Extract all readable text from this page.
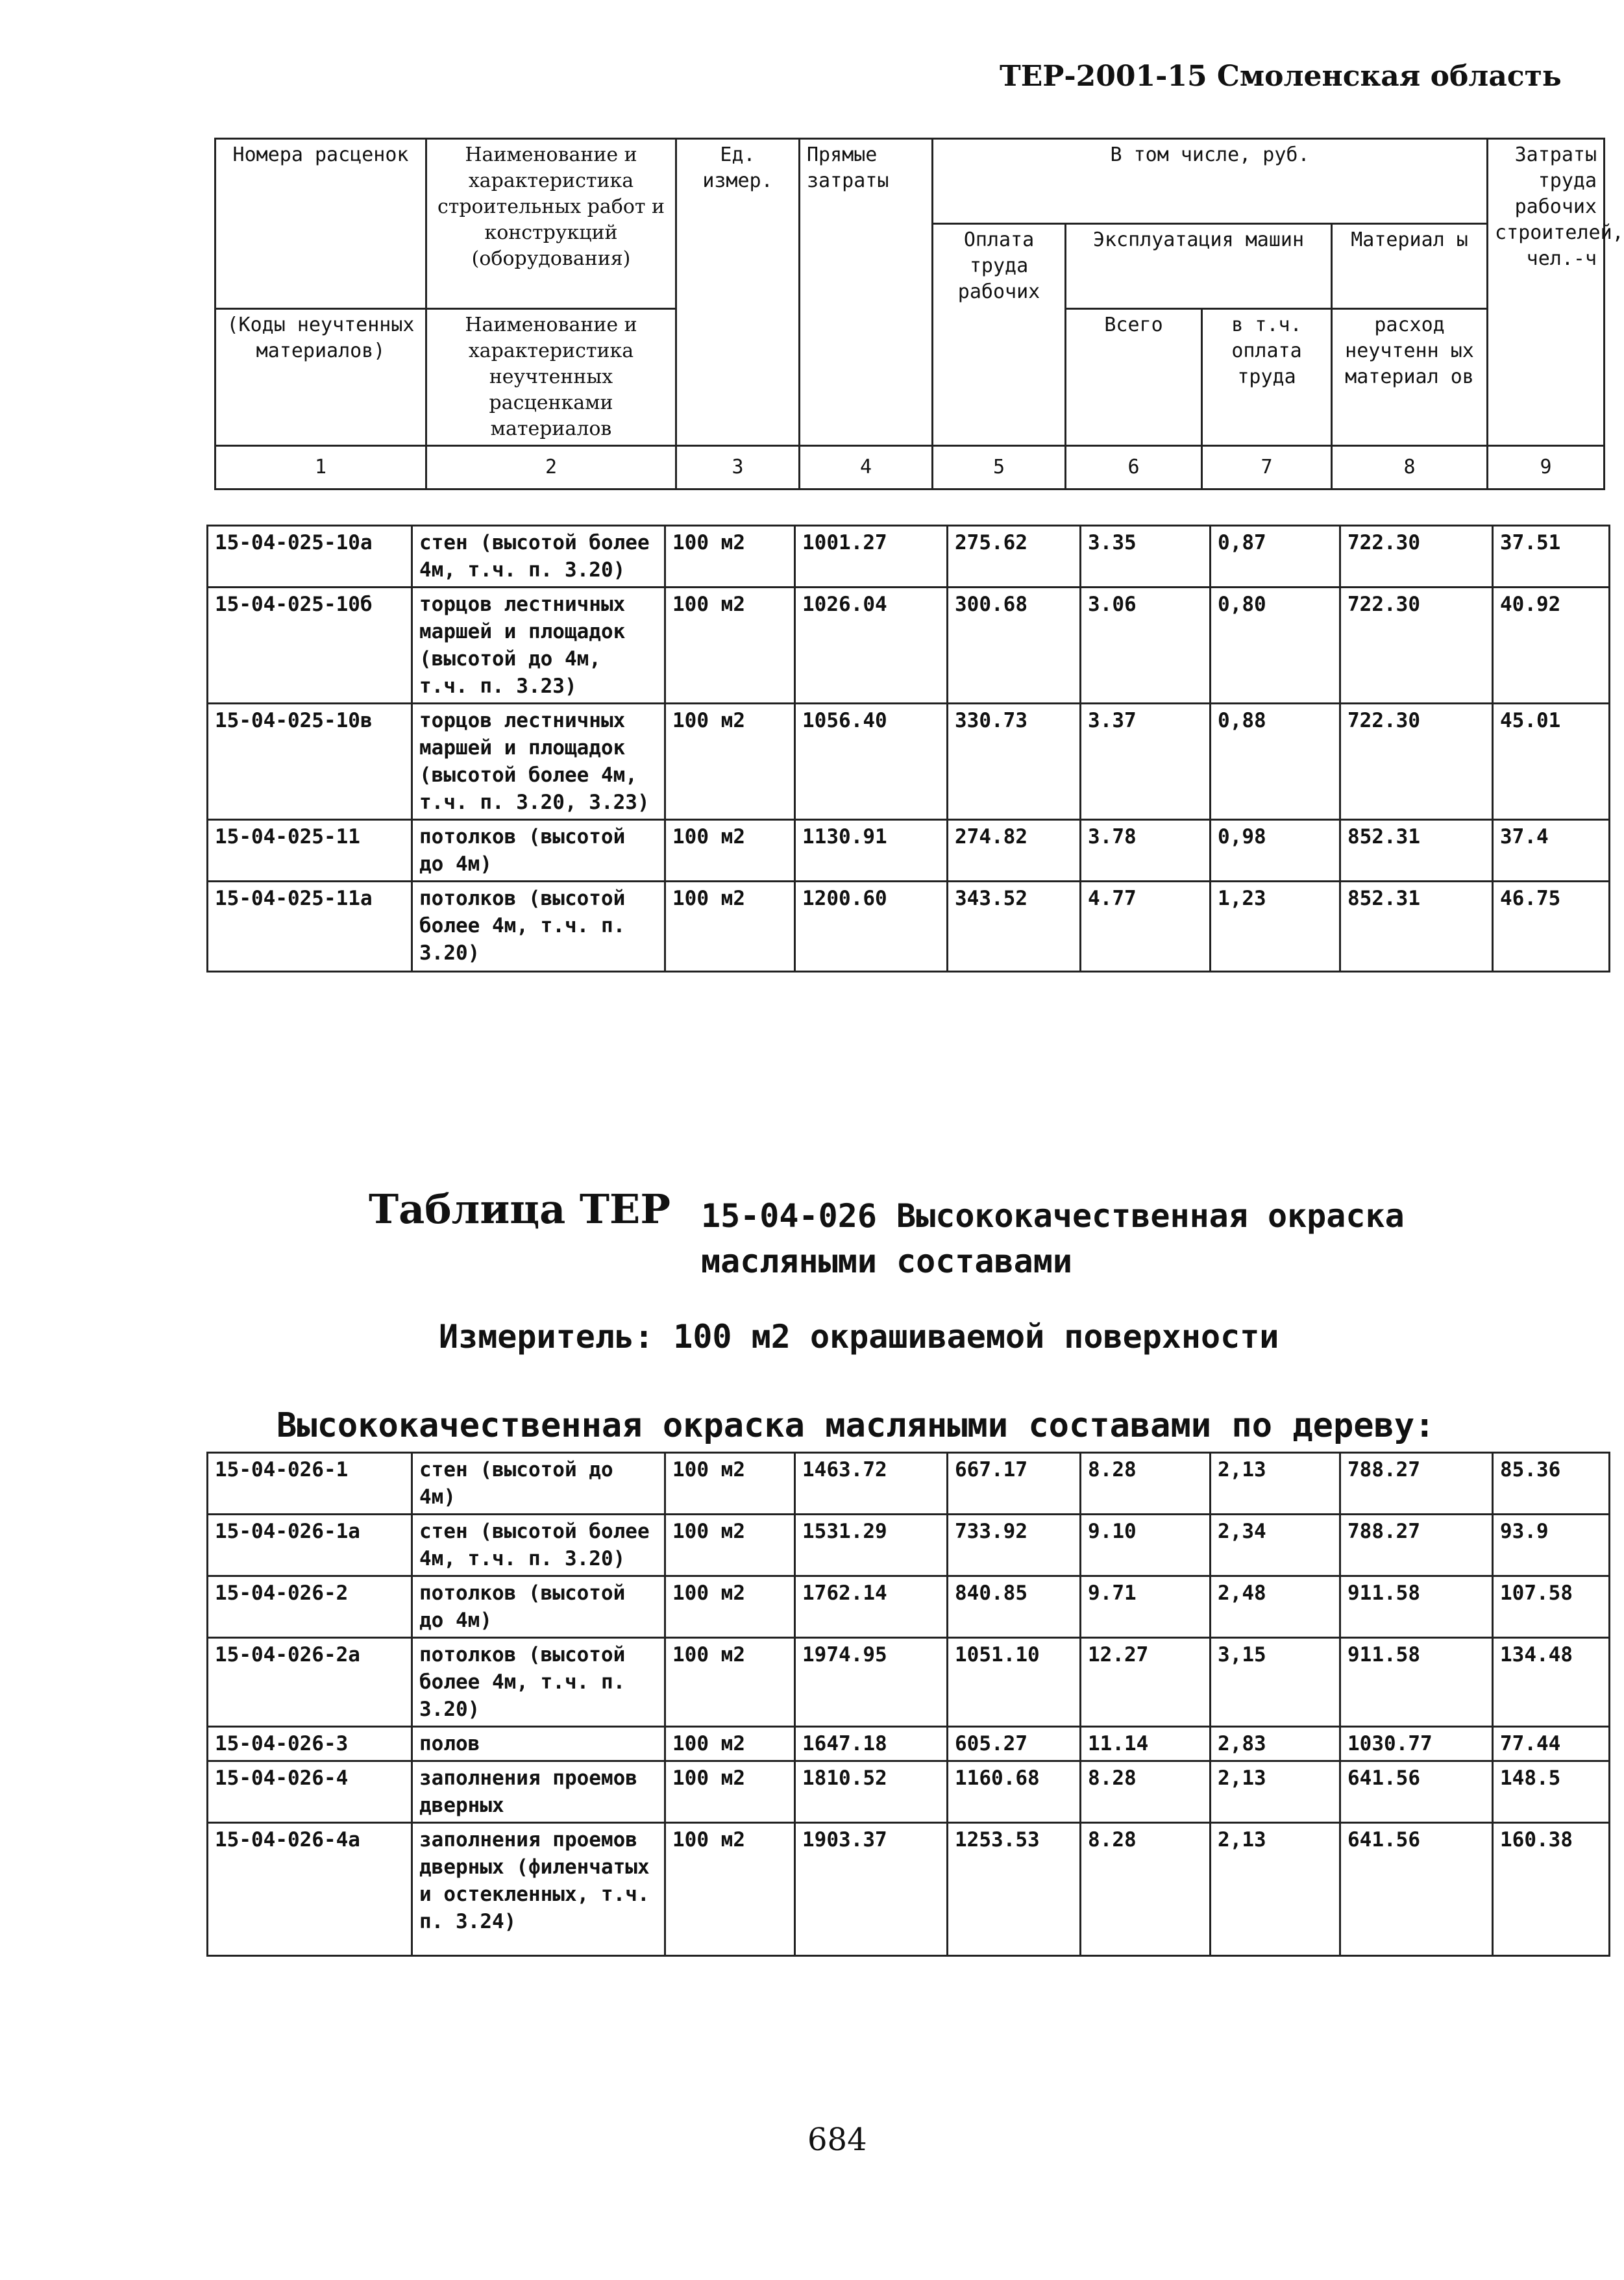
ТЕР-2001-15 Смоленская область
Номера расценок	Наименование и характеристика строительных работ и конструкций (оборудования)	Ед. измер.	Прямые затраты	В том числе, руб.				Затраты труда рабочих строителей, чел.-ч
				Оплата труда рабочих	Эксплуатация машин		Материал ы	
(Коды неучтенных материалов)	Наименование и характеристика неучтенных расценками материалов				Всего	в т.ч. оплата труда	расход неучтенн ых материал ов	
1	2	3	4	5	6	7	8	9
15-04-025-10а	стен (высотой более 4м, т.ч. п. 3.20)	100 м2	1001.27	275.62	3.35	0,87	722.30	37.51
15-04-025-10б	торцов лестничных маршей и площадок (высотой до 4м, т.ч. п. 3.23)	100 м2	1026.04	300.68	3.06	0,80	722.30	40.92
15-04-025-10в	торцов лестничных маршей и площадок (высотой более 4м, т.ч. п. 3.20, 3.23)	100 м2	1056.40	330.73	3.37	0,88	722.30	45.01
15-04-025-11	потолков (высотой до 4м)	100 м2	1130.91	274.82	3.78	0,98	852.31	37.4
15-04-025-11а	потолков (высотой более 4м, т.ч. п. 3.20)	100 м2	1200.60	343.52	4.77	1,23	852.31	46.75
Таблица ТЕР 15-04-026 Высококачественная окраска масляными составами
Измеритель: 100 м2 окрашиваемой поверхности
Высококачественная окраска масляными составами по дереву:
15-04-026-1	стен (высотой до 4м)	100 м2	1463.72	667.17	8.28	2,13	788.27	85.36
15-04-026-1а	стен (высотой более 4м, т.ч. п. 3.20)	100 м2	1531.29	733.92	9.10	2,34	788.27	93.9
15-04-026-2	потолков (высотой до 4м)	100 м2	1762.14	840.85	9.71	2,48	911.58	107.58
15-04-026-2а	потолков (высотой более 4м, т.ч. п. 3.20)	100 м2	1974.95	1051.10	12.27	3,15	911.58	134.48
15-04-026-3	полов	100 м2	1647.18	605.27	11.14	2,83	1030.77	77.44
15-04-026-4	заполнения проемов дверных	100 м2	1810.52	1160.68	8.28	2,13	641.56	148.5
15-04-026-4а	заполнения проемов дверных (филенчатых и остекленных, т.ч. п. 3.24)	100 м2	1903.37	1253.53	8.28	2,13	641.56	160.38
684
